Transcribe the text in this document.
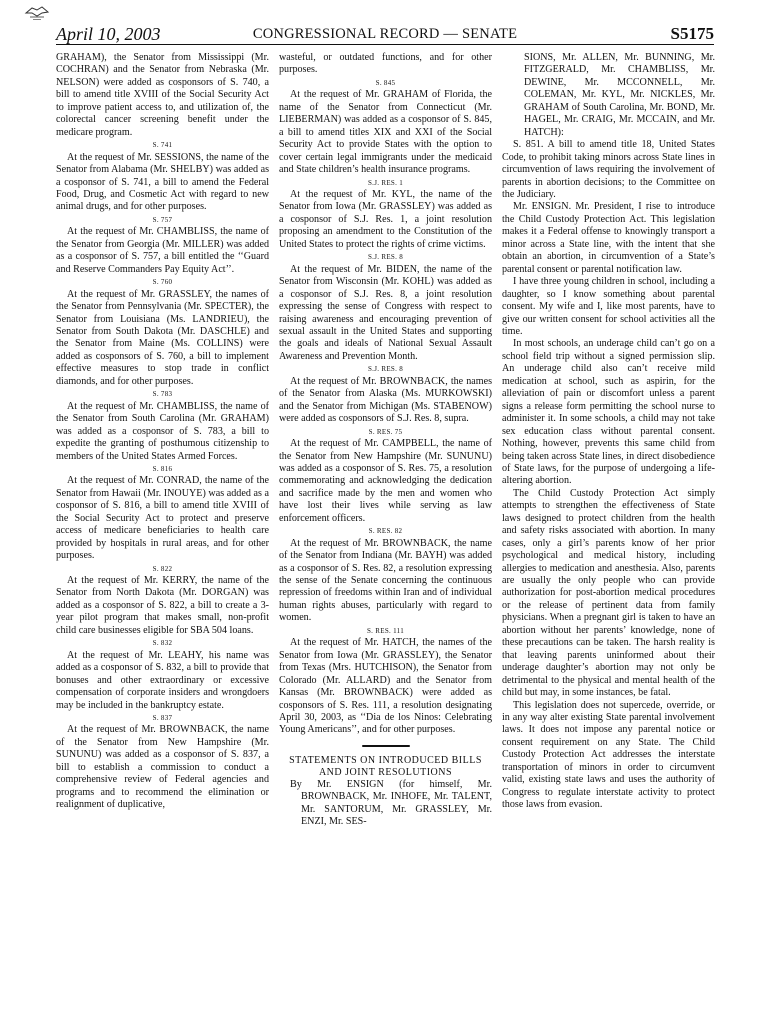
April 10, 2003	CONGRESSIONAL RECORD — SENATE	S5175

GRAHAM), the Senator from Mississippi (Mr. COCHRAN) and the Senator from Nebraska (Mr. NELSON) were added as cosponsors of S. 740, a bill to amend title XVIII of the Social Security Act to improve patient access to, and utilization of, the colorectal cancer screening benefit under the medicare program.

S. 741

At the request of Mr. SESSIONS, the name of the Senator from Alabama (Mr. SHELBY) was added as a cosponsor of S. 741, a bill to amend the Federal Food, Drug, and Cosmetic Act with regard to new animal drugs, and for other purposes.

S. 757

At the request of Mr. CHAMBLISS, the name of the Senator from Georgia (Mr. MILLER) was added as a cosponsor of S. 757, a bill entitled the ‘‘Guard and Reserve Commanders Pay Equity Act’’.

S. 760

At the request of Mr. GRASSLEY, the names of the Senator from Pennsylvania (Mr. SPECTER), the Senator from Louisiana (Ms. LANDRIEU), the Senator from South Dakota (Mr. DASCHLE) and the Senator from Maine (Ms. COLLINS) were added as cosponsors of S. 760, a bill to implement effective measures to stop trade in conflict diamonds, and for other purposes.

S. 783

At the request of Mr. CHAMBLISS, the name of the Senator from South Carolina (Mr. GRAHAM) was added as a cosponsor of S. 783, a bill to expedite the granting of posthumous citizenship to members of the United States Armed Forces.

S. 816

At the request of Mr. CONRAD, the name of the Senator from Hawaii (Mr. INOUYE) was added as a cosponsor of S. 816, a bill to amend title XVIII of the Social Security Act to protect and preserve access of medicare beneficiaries to health care provided by hospitals in rural areas, and for other purposes.

S. 822

At the request of Mr. KERRY, the name of the Senator from North Dakota (Mr. DORGAN) was added as a cosponsor of S. 822, a bill to create a 3-year pilot program that makes small, non-profit child care businesses eligible for SBA 504 loans.

S. 832

At the request of Mr. LEAHY, his name was added as a cosponsor of S. 832, a bill to provide that bonuses and other extraordinary or excessive compensation of corporate insiders and wrongdoers may be included in the bankruptcy estate.

S. 837

At the request of Mr. BROWNBACK, the name of the Senator from New Hampshire (Mr. SUNUNU) was added as a cosponsor of S. 837, a bill to establish a commission to conduct a comprehensive review of Federal agencies and programs and to recommend the elimination or realignment of duplicative,

wasteful, or outdated functions, and for other purposes.

S. 845

At the request of Mr. GRAHAM of Florida, the name of the Senator from Connecticut (Mr. LIEBERMAN) was added as a cosponsor of S. 845, a bill to amend titles XIX and XXI of the Social Security Act to provide States with the option to cover certain legal immigrants under the medicaid and State children’s health insurance programs.

S.J. RES. 1

At the request of Mr. KYL, the name of the Senator from Iowa (Mr. GRASSLEY) was added as a cosponsor of S.J. Res. 1, a joint resolution proposing an amendment to the Constitution of the United States to protect the rights of crime victims.

S.J. RES. 8

At the request of Mr. BIDEN, the name of the Senator from Wisconsin (Mr. KOHL) was added as a cosponsor of S.J. Res. 8, a joint resolution expressing the sense of Congress with respect to raising awareness and encouraging prevention of sexual assault in the United States and supporting the goals and ideals of National Sexual Assault Awareness and Prevention Month.

S.J. RES. 8

At the request of Mr. BROWNBACK, the names of the Senator from Alaska (Ms. MURKOWSKI) and the Senator from Michigan (Ms. STABENOW) were added as cosponsors of S.J. Res. 8, supra.

S. RES. 75

At the request of Mr. CAMPBELL, the name of the Senator from New Hampshire (Mr. SUNUNU) was added as a cosponsor of S. Res. 75, a resolution commemorating and acknowledging the dedication and sacrifice made by the men and women who have lost their lives while serving as law enforcement officers.

S. RES. 82

At the request of Mr. BROWNBACK, the name of the Senator from Indiana (Mr. BAYH) was added as a cosponsor of S. Res. 82, a resolution expressing the sense of the Senate concerning the continuous repression of freedoms within Iran and of individual human rights abuses, particularly with regard to women.

S. RES. 111

At the request of Mr. HATCH, the names of the Senator from Iowa (Mr. GRASSLEY), the Senator from Texas (Mrs. HUTCHISON), the Senator from Colorado (Mr. ALLARD) and the Senator from Kansas (Mr. BROWNBACK) were added as cosponsors of S. Res. 111, a resolution designating April 30, 2003, as ‘‘Dia de los Ninos: Celebrating Young Americans’’, and for other purposes.

STATEMENTS ON INTRODUCED BILLS AND JOINT RESOLUTIONS

By Mr. ENSIGN (for himself, Mr. BROWNBACK, Mr. INHOFE, Mr. TALENT, Mr. SANTORUM, Mr. GRASSLEY, Mr. ENZI, Mr. SES-

SIONS, Mr. ALLEN, Mr. BUNNING, Mr. FITZGERALD, Mr. CHAMBLISS, Mr. DEWINE, Mr. MCCONNELL, Mr. COLEMAN, Mr. KYL, Mr. NICKLES, Mr. GRAHAM of South Carolina, Mr. BOND, Mr. HAGEL, Mr. CRAIG, Mr. MCCAIN, and Mr. HATCH):

S. 851. A bill to amend title 18, United States Code, to prohibit taking minors across State lines in circumvention of laws requiring the involvement of parents in abortion decisions; to the Committee on the Judiciary.

Mr. ENSIGN. Mr. President, I rise to introduce the Child Custody Protection Act. This legislation makes it a Federal offense to knowingly transport a minor across a State line, with the intent that she obtain an abortion, in circumvention of a State’s parental consent or parental notification law.

I have three young children in school, including a daughter, so I know something about parental consent. My wife and I, like most parents, have to give our written consent for school activities all the time.

In most schools, an underage child can’t go on a school field trip without a signed permission slip. An underage child also can’t receive mild medication at school, such as aspirin, for the alleviation of pain or discomfort unless a parent signs a release form permitting the school nurse to administer it. In some schools, a child may not take sex education class without parental consent. Nothing, however, prevents this same child from being taken across State lines, in direct disobedience of State laws, for the purpose of undergoing a life-altering abortion.

The Child Custody Protection Act simply attempts to strengthen the effectiveness of State laws designed to protect children from the health and safety risks associated with abortion. In many cases, only a girl’s parents know of her prior psychological and medical history, including allergies to medication and anesthesia. Also, parents are usually the only people who can provide authorization for post-abortion medical procedures or the release of pertinent data from family physicians. When a pregnant girl is taken to have an abortion without her parents’ knowledge, none of these precautions can be taken. The harsh reality is that leaving parents uninformed about their underage daughter’s abortion may not only be detrimental to the physical and mental health of the child but may, in some instances, be fatal.

This legislation does not supercede, override, or in any way alter existing State parental involvement laws. It does not impose any parental notice or consent requirement on any State. The Child Custody Protection Act addresses the interstate transportation of minors in order to circumvent valid, existing state laws and uses the authority of Congress to regulate interstate activity to protect those laws from evasion.
